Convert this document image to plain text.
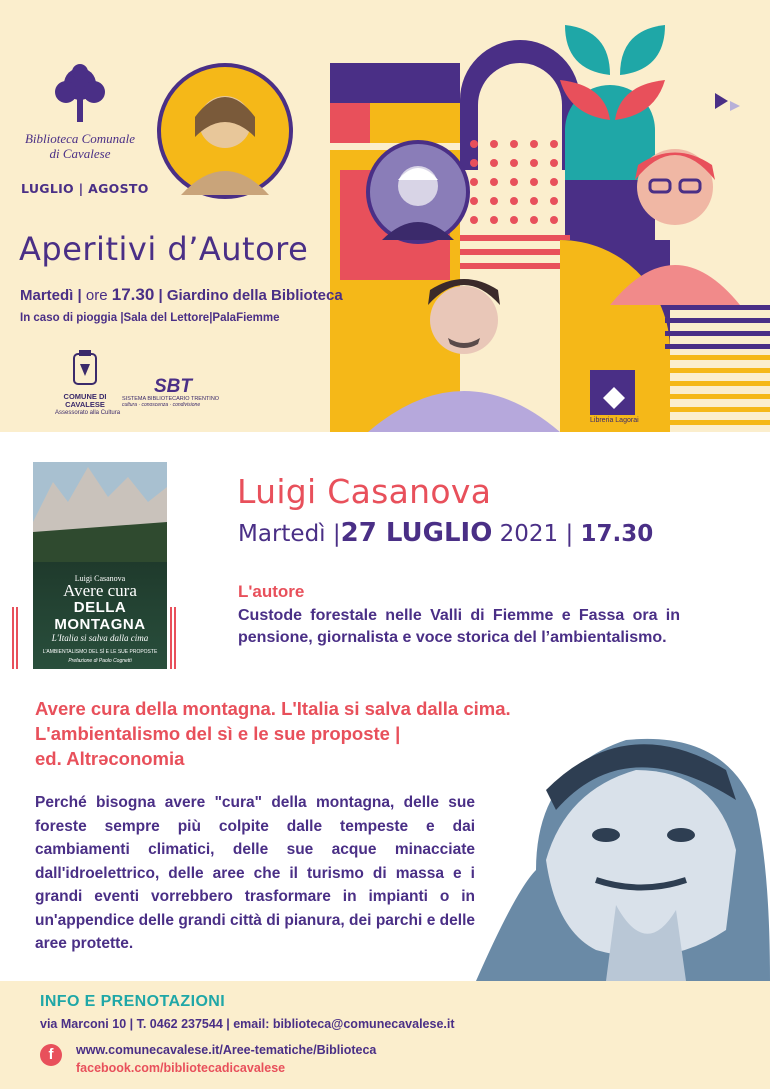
Biblioteca Comunale
di Cavalese
LUGLIO | AGOSTO
Aperitivi d’Autore
Martedì | ore 17.30 | Giardino della Biblioteca
In caso di pioggia |Sala del Lettore|PalaFiemme
COMUNE DI
CAVALESE
Assessorato alla Cultura
SBT
SISTEMA BIBLIOTECARIO TRENTINO
cultura · conoscenza · condivisione
Libreria Lagorai
Luigi Casanova
Avere cura
DELLA MONTAGNA
L'Italia si salva dalla cima
L'AMBIENTALISMO DEL SÌ E LE SUE PROPOSTE
Prefazione di Paolo Cognetti
Altreconomia
Luigi Casanova
Martedì |27 LUGLIO 2021 | 17.30
L'autore
Custode forestale nelle Valli di Fiemme e Fassa ora in pensione, giornalista e voce storica del l’ambientalismo.
Avere cura della montagna. L'Italia si salva dalla cima.
L'ambientalismo del sì e le sue proposte |
ed. Altrəconomia
Perché bisogna avere "cura" della montagna, delle sue foreste sempre più colpite dalle tempeste e dai cambiamenti climatici, delle sue acque minacciate dall'idroelettrico, delle aree che il turismo di massa e i grandi eventi vorrebbero trasformare in impianti o in un'appendice delle grandi città di pianura, dei parchi e delle aree protette.
INFO E PRENOTAZIONI
via Marconi 10 | T. 0462 237544 | email: biblioteca@comunecavalese.it
f	www.comunecavalese.it/Aree-tematiche/Biblioteca
facebook.com/bibliotecadicavalese
